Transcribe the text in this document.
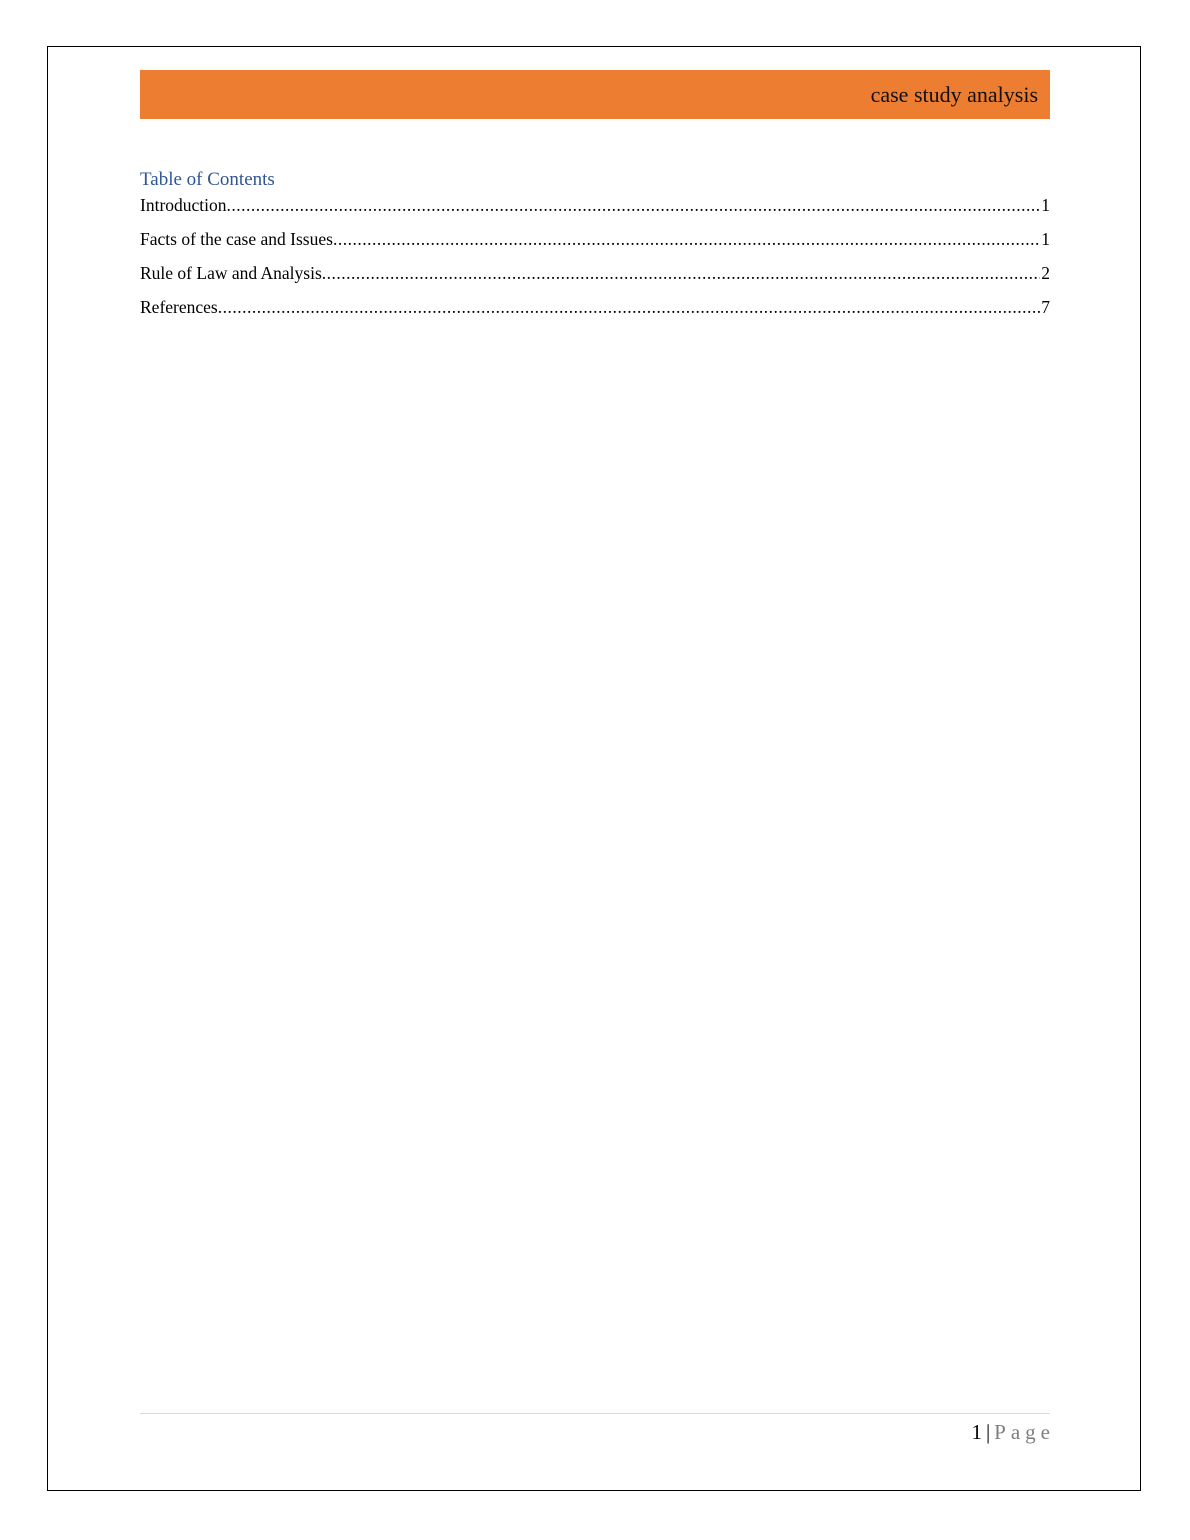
case study analysis
Table of Contents
Introduction .....	1
Facts of the case and Issues .....	1
Rule of Law and Analysis .....	2
References .....	7
1 | Page
